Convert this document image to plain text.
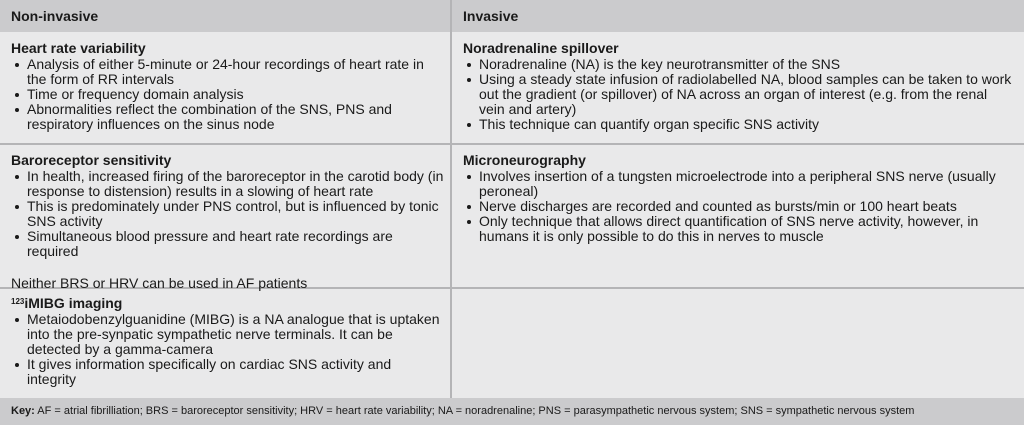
Non-invasive	Invasive
Heart rate variability
Analysis of either 5-minute or 24-hour recordings of heart rate in the form of RR intervals
Time or frequency domain analysis
Abnormalities reflect the combination of the SNS, PNS and respiratory influences on the sinus node
Baroreceptor sensitivity
In health, increased firing of the baroreceptor in the carotid body (in response to distension) results in a slowing of heart rate
This is predominately under PNS control, but is influenced by tonic SNS activity
Simultaneous blood pressure and heart rate recordings are required
Neither BRS or HRV can be used in AF patients
$^{123}$iMIBG imaging
Metaiodobenzylguanidine (MIBG) is a NA analogue that is uptaken into the pre-synpatic sympathetic nerve terminals. It can be detected by a gamma-camera
It gives information specifically on cardiac SNS activity and integrity
Noradrenaline spillover
Noradrenaline (NA) is the key neurotransmitter of the SNS
Using a steady state infusion of radiolabelled NA, blood samples can be taken to work out the gradient (or spillover) of NA across an organ of interest (e.g. from the renal vein and artery)
This technique can quantify organ specific SNS activity
Microneurography
Involves insertion of a tungsten microelectrode into a peripheral SNS nerve (usually peroneal)
Nerve discharges are recorded and counted as bursts/min or 100 heart beats
Only technique that allows direct quantification of SNS nerve activity, however, in humans it is only possible to do this in nerves to muscle
Key: AF = atrial fibrilliation; BRS = baroreceptor sensitivity; HRV = heart rate variability; NA = noradrenaline; PNS = parasympathetic nervous system; SNS = sympathetic nervous system
